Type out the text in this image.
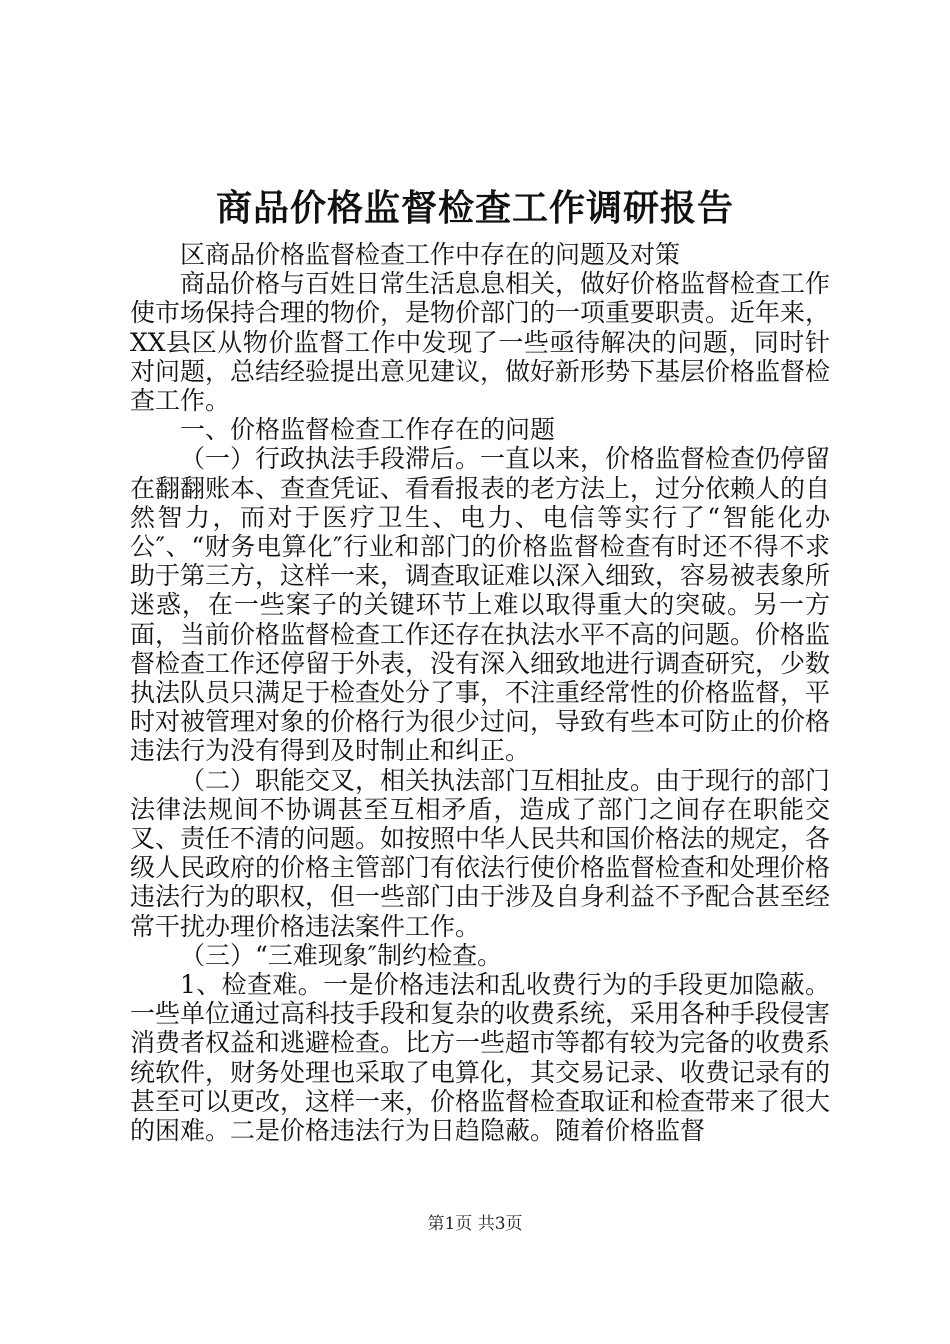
商品价格监督检查工作调研报告

区商品价格监督检查工作中存在的问题及对策

商品价格与百姓日常生活息息相关，做好价格监督检查工作使市场保持合理的物价，是物价部门的一项重要职责。近年来，XX县区从物价监督工作中发现了一些亟待解决的问题，同时针对问题，总结经验提出意见建议，做好新形势下基层价格监督检查工作。

一、价格监督检查工作存在的问题

（一）行政执法手段滞后。一直以来，价格监督检查仍停留在翻翻账本、查查凭证、看看报表的老方法上，过分依赖人的自然智力，而对于医疗卫生、电力、电信等实行了“智能化办公″、“财务电算化″行业和部门的价格监督检查有时还不得不求助于第三方，这样一来，调查取证难以深入细致，容易被表象所迷惑，在一些案子的关键环节上难以取得重大的突破。另一方面，当前价格监督检查工作还存在执法水平不高的问题。价格监督检查工作还停留于外表，没有深入细致地进行调查研究，少数执法队员只满足于检查处分了事，不注重经常性的价格监督，平时对被管理对象的价格行为很少过问，导致有些本可防止的价格违法行为没有得到及时制止和纠正。

（二）职能交叉，相关执法部门互相扯皮。由于现行的部门法律法规间不协调甚至互相矛盾，造成了部门之间存在职能交叉、责任不清的问题。如按照中华人民共和国价格法的规定，各级人民政府的价格主管部门有依法行使价格监督检查和处理价格违法行为的职权，但一些部门由于涉及自身利益不予配合甚至经常干扰办理价格违法案件工作。

（三）“三难现象″制约检查。

1、检查难。一是价格违法和乱收费行为的手段更加隐蔽。一些单位通过高科技手段和复杂的收费系统，采用各种手段侵害消费者权益和逃避检查。比方一些超市等都有较为完备的收费系统软件，财务处理也采取了电算化，其交易记录、收费记录有的甚至可以更改，这样一来，价格监督检查取证和检查带来了很大的困难。二是价格违法行为日趋隐蔽。随着价格监督

第1页 共3页
